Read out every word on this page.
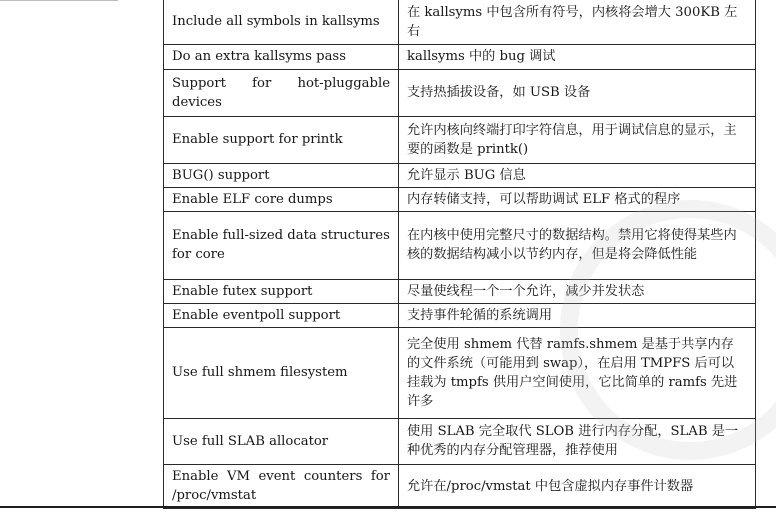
Include all symbols in kallsyms	在 kallsyms 中包含所有符号，内核将会增大 300KB 左右
Do an extra kallsyms pass	kallsyms 中的 bug 调试
Support for hot-pluggable devices	支持热插拔设备，如 USB 设备
Enable support for printk	允许内核向终端打印字符信息，用于调试信息的显示，主要的函数是 printk()
BUG() support	允许显示 BUG 信息
Enable ELF core dumps	内存转储支持，可以帮助调试 ELF 格式的程序
Enable full-sized data structures for core	在内核中使用完整尺寸的数据结构。禁用它将使得某些内核的数据结构减小以节约内存，但是将会降低性能
Enable futex support	尽量使线程一个一个允许，减少并发状态
Enable eventpoll support	支持事件轮循的系统调用
Use full shmem filesystem	完全使用 shmem 代替 ramfs.shmem 是基于共享内存的文件系统（可能用到 swap），在启用 TMPFS 后可以挂载为 tmpfs 供用户空间使用，它比简单的 ramfs 先进许多
Use full SLAB allocator	使用 SLAB 完全取代 SLOB 进行内存分配，SLAB 是一种优秀的内存分配管理器，推荐使用
Enable VM event counters for /proc/vmstat	允许在/proc/vmstat 中包含虚拟内存事件计数器
